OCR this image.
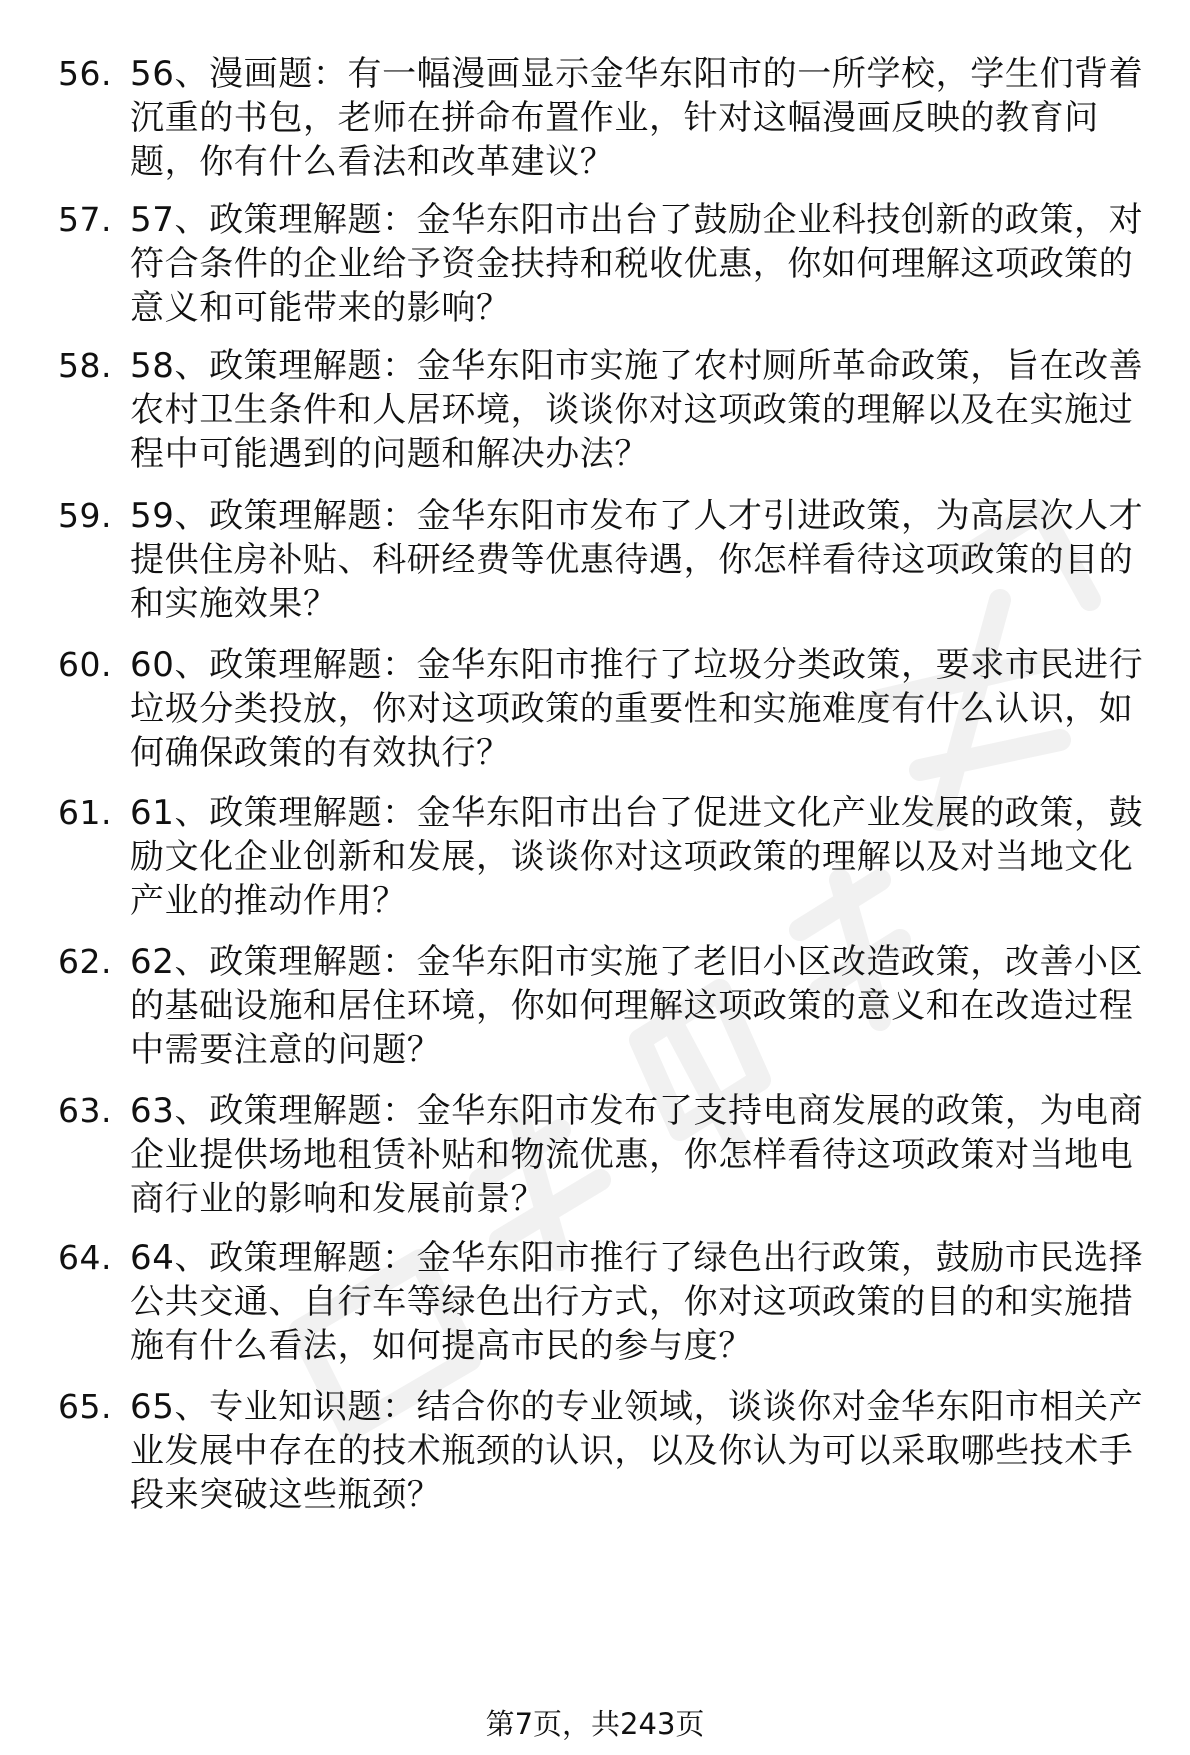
56. 56、漫画题：有一幅漫画显示金华东阳市的一所学校，学生们背着沉重的书包，老师在拼命布置作业，针对这幅漫画反映的教育问题，你有什么看法和改革建议？
57. 57、政策理解题：金华东阳市出台了鼓励企业科技创新的政策，对符合条件的企业给予资金扶持和税收优惠，你如何理解这项政策的意义和可能带来的影响？
58. 58、政策理解题：金华东阳市实施了农村厕所革命政策，旨在改善农村卫生条件和人居环境，谈谈你对这项政策的理解以及在实施过程中可能遇到的问题和解决办法？
59. 59、政策理解题：金华东阳市发布了人才引进政策，为高层次人才提供住房补贴、科研经费等优惠待遇，你怎样看待这项政策的目的和实施效果？
60. 60、政策理解题：金华东阳市推行了垃圾分类政策，要求市民进行垃圾分类投放，你对这项政策的重要性和实施难度有什么认识，如何确保政策的有效执行？
61. 61、政策理解题：金华东阳市出台了促进文化产业发展的政策，鼓励文化企业创新和发展，谈谈你对这项政策的理解以及对当地文化产业的推动作用？
62. 62、政策理解题：金华东阳市实施了老旧小区改造政策，改善小区的基础设施和居住环境，你如何理解这项政策的意义和在改造过程中需要注意的问题？
63. 63、政策理解题：金华东阳市发布了支持电商发展的政策，为电商企业提供场地租赁补贴和物流优惠，你怎样看待这项政策对当地电商行业的影响和发展前景？
64. 64、政策理解题：金华东阳市推行了绿色出行政策，鼓励市民选择公共交通、自行车等绿色出行方式，你对这项政策的目的和实施措施有什么看法，如何提高市民的参与度？
65. 65、专业知识题：结合你的专业领域，谈谈你对金华东阳市相关产业发展中存在的技术瓶颈的认识，以及你认为可以采取哪些技术手段来突破这些瓶颈？
第7页，共243页
